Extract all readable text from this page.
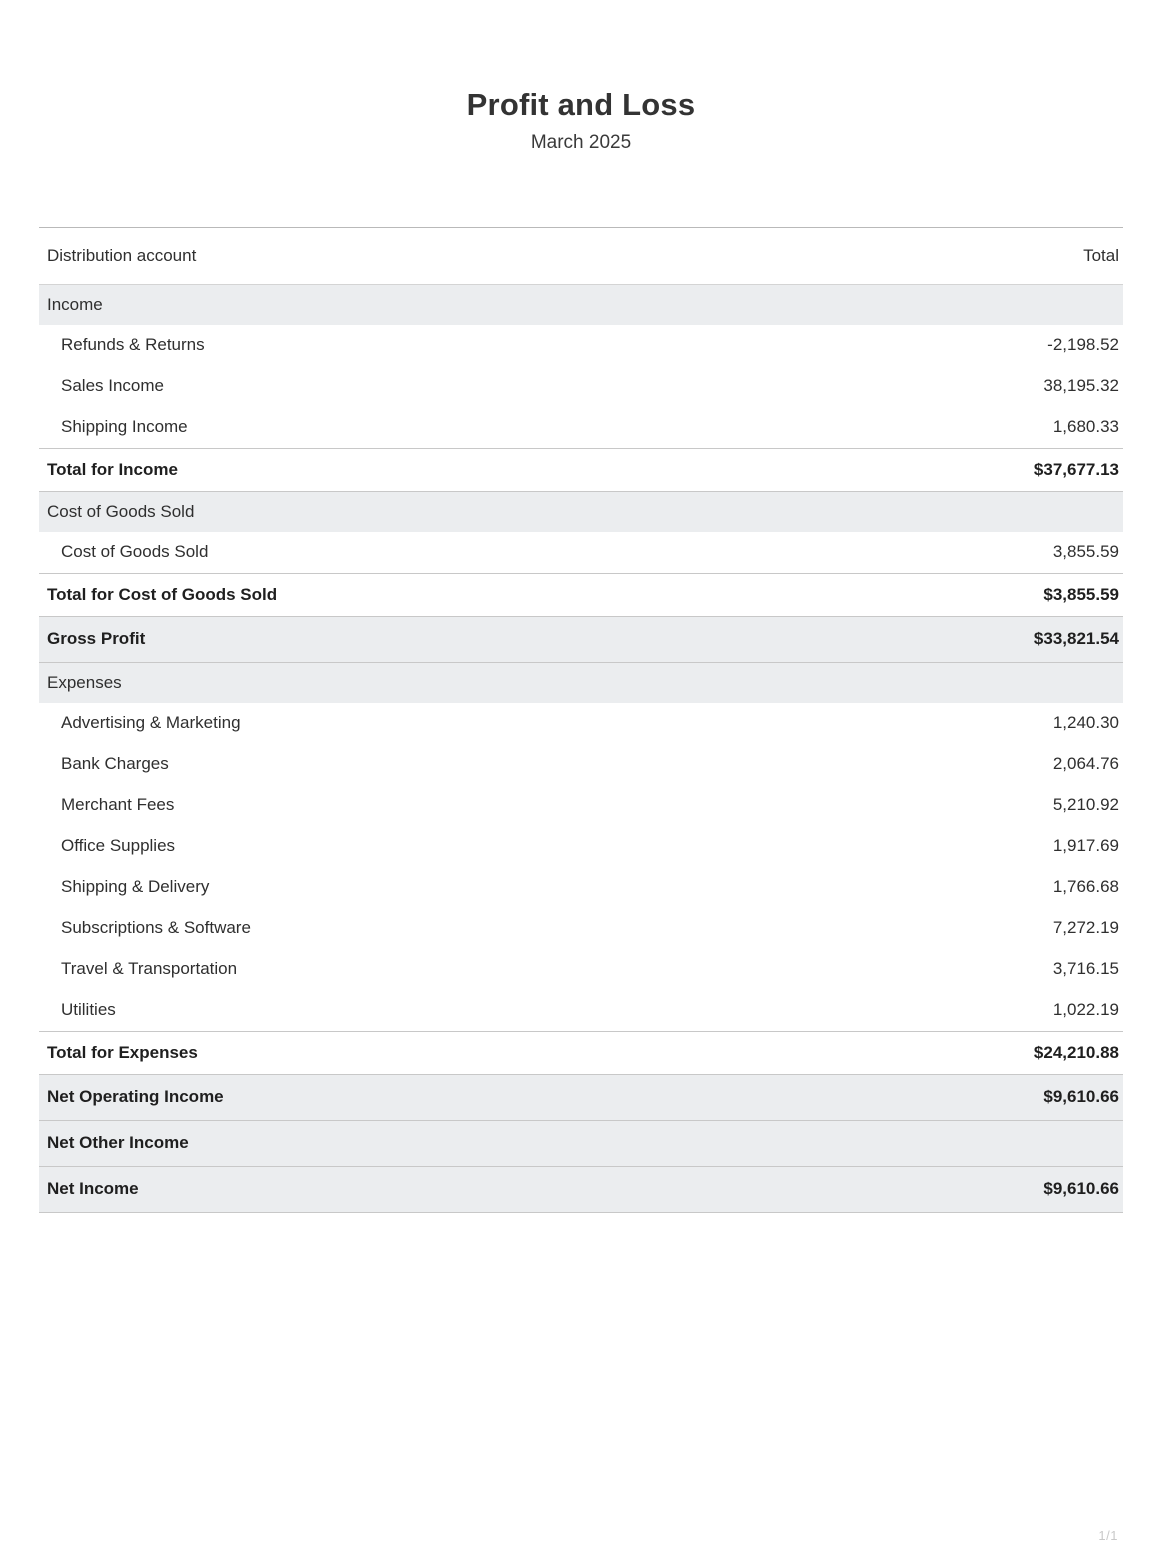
Profit and Loss
March 2025
Distribution account	Total
Income	
Refunds & Returns	-2,198.52
Sales Income	38,195.32
Shipping Income	1,680.33
Total for Income	$37,677.13
Cost of Goods Sold	
Cost of Goods Sold	3,855.59
Total for Cost of Goods Sold	$3,855.59
Gross Profit	$33,821.54
Expenses	
Advertising & Marketing	1,240.30
Bank Charges	2,064.76
Merchant Fees	5,210.92
Office Supplies	1,917.69
Shipping & Delivery	1,766.68
Subscriptions & Software	7,272.19
Travel & Transportation	3,716.15
Utilities	1,022.19
Total for Expenses	$24,210.88
Net Operating Income	$9,610.66
Net Other Income	
Net Income	$9,610.66
1/1
